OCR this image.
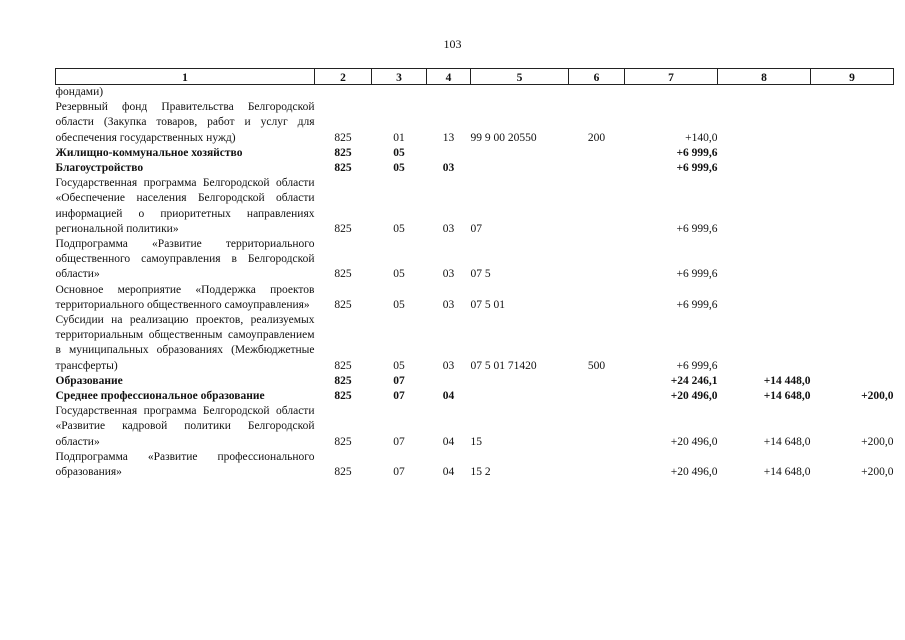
103
1	2	3	4	5	6	7	8	9
фондами)								
Резервный фонд Правительства Белгородской области (Закупка товаров, работ и услуг для обеспечения государственных нужд)	825	01	13	99 9 00 20550	200	+140,0		
Жилищно-коммунальное хозяйство	825	05				+6 999,6		
Благоустройство	825	05	03			+6 999,6		
Государственная программа Белгородской области «Обеспечение населения Белгородской области информацией о приоритетных направлениях региональной политики»	825	05	03	07		+6 999,6		
Подпрограмма «Развитие территориального общественного самоуправления в Белгородской области»	825	05	03	07 5		+6 999,6		
Основное мероприятие «Поддержка проектов территориального общественного самоуправления»	825	05	03	07 5 01		+6 999,6		
Субсидии на реализацию проектов, реализуемых территориальным общественным самоуправлением в муниципальных образованиях (Межбюджетные трансферты)	825	05	03	07 5 01 71420	500	+6 999,6		
Образование	825	07				+24 246,1	+14 448,0	
Среднее профессиональное образование	825	07	04			+20 496,0	+14 648,0	+200,0
Государственная программа Белгородской области «Развитие кадровой политики Белгородской области»	825	07	04	15		+20 496,0	+14 648,0	+200,0
Подпрограмма «Развитие профессионального образования»	825	07	04	15 2		+20 496,0	+14 648,0	+200,0
